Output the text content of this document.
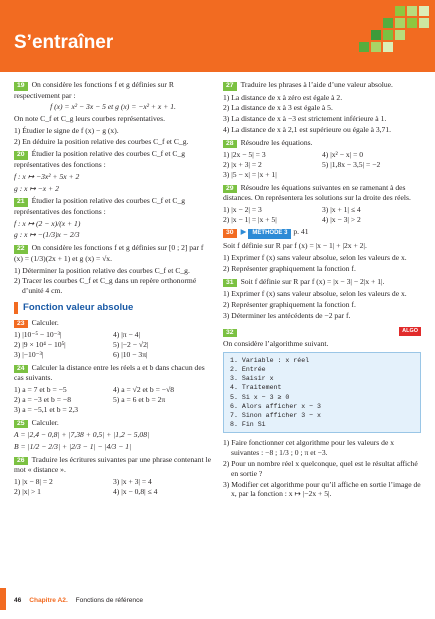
S’entraîner

19 On considère les fonctions f et g définies sur R respectivement par :

f (x) = x² − 3x − 5 et g (x) = −x² + x + 1.

On note C_f et C_g leurs courbes représentatives.

1) Étudier le signe de f (x) − g (x).

2) En déduire la position relative des courbes C_f et C_g.

20 Étudier la position relative des courbes C_f et C_g représentatives des fonctions :

f : x ↦ −3x² + 5x + 2

g : x ↦ −x + 2

21 Étudier la position relative des courbes C_f et C_g représentatives des fonctions :

f : x ↦ (2 − x)/(x + 1)

g : x ↦ −(1/3)x − 2/3

22 On considère les fonctions f et g définies sur [0 ; 2] par f (x) = (1/3)(2x + 1) et g (x) = √x.

1) Déterminer la position relative des courbes C_f et C_g.

2) Tracer les courbes C_f et C_g dans un repère orthonormé d’unité 4 cm.

Fonction valeur absolue

23 Calculer.

1) |10⁻⁵ − 10⁻³|	4) |π − 4|
2) |9 × 10⁴ − 10⁵|	5) |−2 − √2|
3) |−10⁻³|	6) |10 − 3π|

24 Calculer la distance entre les réels a et b dans chacun des cas suivants.

1) a = 7 et b = −5	4) a = √2 et b = −√8
2) a = −3 et b = −8	5) a = 6 et b = 2π
3) a = −5,1 et b = 2,3

25 Calculer.

A = |2,4 − 0,8| + |7,38 + 0,5| + |1,2 − 5,08|

B = |1/2 − 2/3| + |2/3 − 1| − |4/3 − 1|

26 Traduire les écritures suivantes par une phrase contenant le mot « distance ».

1) |x − 8| = 2	3) |x + 3| = 4
2) |x| > 1	4) |x − 0,8| ≤ 4

27 Traduire les phrases à l’aide d’une valeur absolue.

1) La distance de x à zéro est égale à 2.

2) La distance de x à 3 est égale à 5.

3) La distance de x à −3 est strictement inférieure à 1.

4) La distance de x à 2,1 est supérieure ou égale à 3,71.

28 Résoudre les équations.

1) |2x − 5| = 3	4) |x² − x| = 0
2) |x + 3| = 2	5) |1,8x − 3,5| = −2
3) |5 − x| = |x + 1|

29 Résoudre les équations suivantes en se ramenant à des distances. On représentera les solutions sur la droite des réels.

1) |x − 2| = 3	3) |x + 1| ≤ 4
2) |x − 1| = |x + 5|	4) |x − 3| > 2

30 ▶ MÉTHODE 3 p. 41

Soit f définie sur R par f (x) = |x − 1| + |2x + 2|.

1) Exprimer f (x) sans valeur absolue, selon les valeurs de x.

2) Représenter graphiquement la fonction f.

31 Soit f définie sur R par f (x) = |x − 3| − 2|x + 1|.

1) Exprimer f (x) sans valeur absolue, selon les valeurs de x.

2) Représenter graphiquement la fonction f.

3) Déterminer les antécédents de −2 par f.

32	ALGO

On considère l’algorithme suivant.

1. Variable : x réel
2. Entrée
3. Saisir x
4. Traitement
5. Si x − 3 ≥ 0
6. Alors afficher x − 3
7. Sinon afficher 3 − x
8. Fin Si

1) Faire fonctionner cet algorithme pour les valeurs de x suivantes : −8 ; 1/3 ; 0 ; π et −3.

2) Pour un nombre réel x quelconque, quel est le résultat affiché en sortie ?

3) Modifier cet algorithme pour qu’il affiche en sortie l’image de x, par la fonction : x ↦ |−2x + 5|.

46 Chapitre A2. Fonctions de référence
